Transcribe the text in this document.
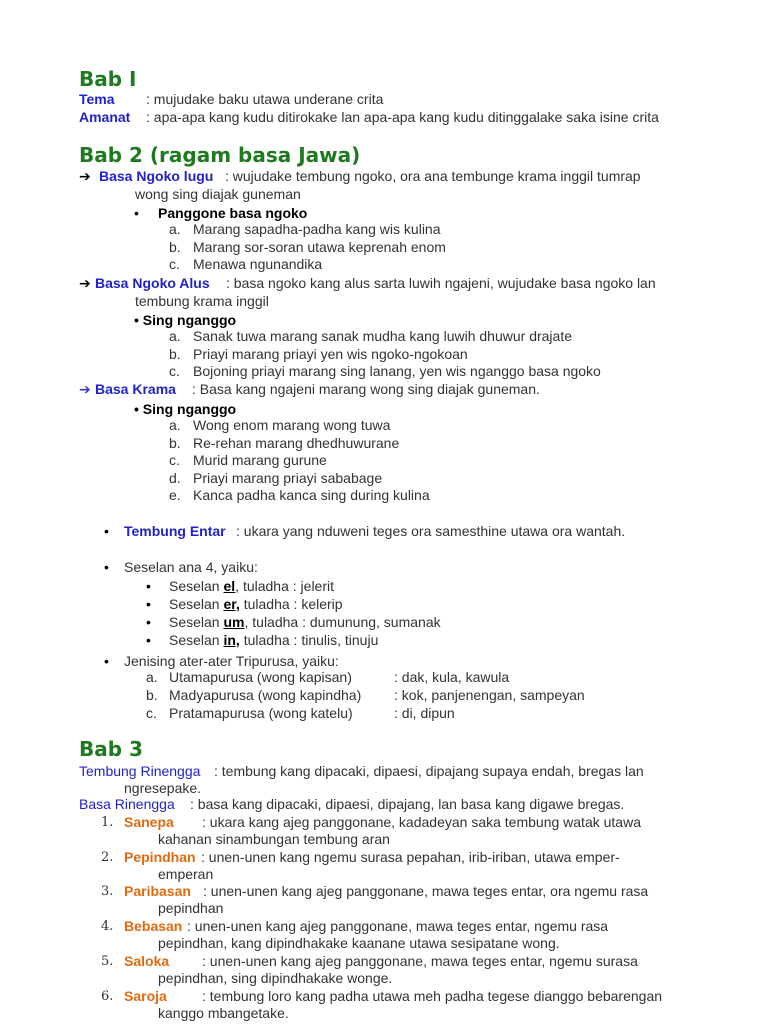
Bab I
Tema : mujudake baku utawa underane crita
Amanat : apa-apa kang kudu ditirokake lan apa-apa kang kudu ditinggalake saka isine crita
Bab 2 (ragam basa Jawa)
➔ Basa Ngoko lugu : wujudake tembung ngoko, ora ana tembunge krama inggil tumrap
wong sing diajak guneman
• Panggone basa ngoko
a. Marang sapadha-padha kang wis kulina
b. Marang sor-soran utawa keprenah enom
c. Menawa ngunandika
➔ Basa Ngoko Alus : basa ngoko kang alus sarta luwih ngajeni, wujudake basa ngoko lan
tembung krama inggil
• Sing nganggo
a. Sanak tuwa marang sanak mudha kang luwih dhuwur drajate
b. Priayi marang priayi yen wis ngoko-ngokoan
c. Bojoning priayi marang sing lanang, yen wis nganggo basa ngoko
➔ Basa Krama : Basa kang ngajeni marang wong sing diajak guneman.
• Sing nganggo
a. Wong enom marang wong tuwa
b. Re-rehan marang dhedhuwurane
c. Murid marang gurune
d. Priayi marang priayi sababage
e. Kanca padha kanca sing during kulina
• Tembung Entar : ukara yang nduweni teges ora samesthine utawa ora wantah.
• Seselan ana 4, yaiku:
• Seselan el, tuladha : jelerit
• Seselan er, tuladha : kelerip
• Seselan um, tuladha : dumunung, sumanak
• Seselan in, tuladha : tinulis, tinuju
• Jenising ater-ater Tripurusa, yaiku:
a. Utamapurusa (wong kapisan)	: dak, kula, kawula
b. Madyapurusa (wong kapindha) : kok, panjenengan, sampeyan
c. Pratamapurusa (wong katelu)	: di, dipun
Bab 3
Tembung Rinengga : tembung kang dipacaki, dipaesi, dipajang supaya endah, bregas lan
ngresepake.
Basa Rinengga : basa kang dipacaki, dipaesi, dipajang, lan basa kang digawe bregas.
1. Sanepa : ukara kang ajeg panggonane, kadadeyan saka tembung watak utawa
kahanan sinambungan tembung aran
2. Pepindhan : unen-unen kang ngemu surasa pepahan, irib-iriban, utawa emper-
emperan
3. Paribasan : unen-unen kang ajeg panggonane, mawa teges entar, ora ngemu rasa
pepindhan
4. Bebasan : unen-unen kang ajeg panggonane, mawa teges entar, ngemu rasa
pepindhan, kang dipindhakake kaanane utawa sesipatane wong.
5. Saloka : unen-unen kang ajeg panggonane, mawa teges entar, ngemu surasa
pepindhan, sing dipindhakake wonge.
6. Saroja	: tembung loro kang padha utawa meh padha tegese dianggo bebarengan
kanggo mbangetake.
